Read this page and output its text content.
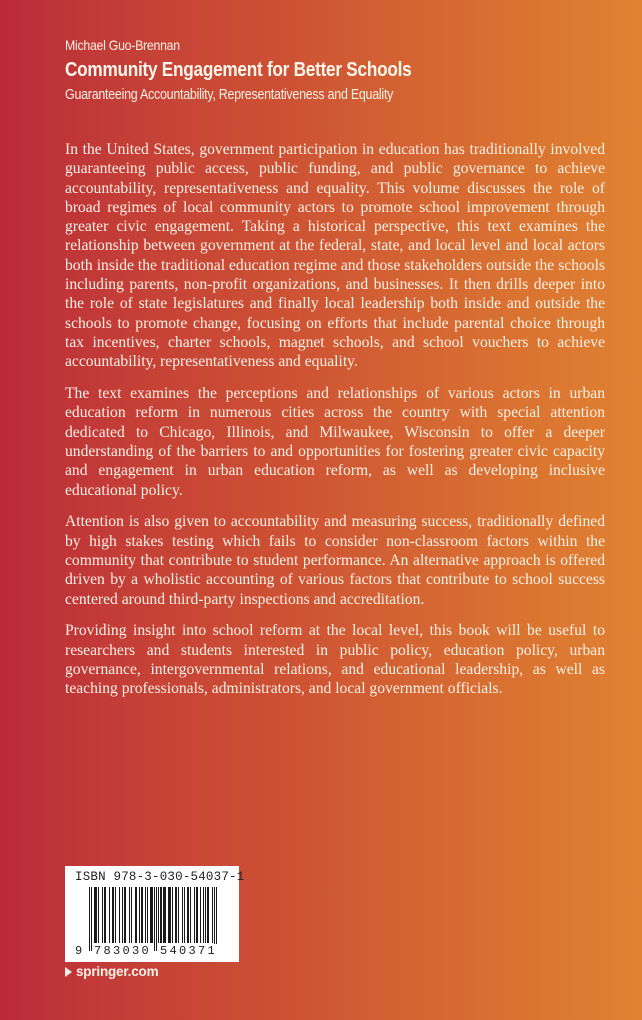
Michael Guo-Brennan
Community Engagement for Better Schools
Guaranteeing Accountability, Representativeness and Equality

In the United States, government participation in education has traditionally involved guaranteeing public access, public funding, and public governance to achieve accountability, representativeness and equality. This volume discusses the role of broad regimes of local community actors to promote school improvement through greater civic engagement. Taking a historical perspective, this text examines the relationship between government at the federal, state, and local level and local actors both inside the traditional education regime and those stakeholders outside the schools including parents, non-profit organizations, and businesses. It then drills deeper into the role of state legislatures and finally local leadership both inside and outside the schools to promote change, focusing on efforts that include parental choice through tax incentives, charter schools, magnet schools, and school vouchers to achieve accountability, representativeness and equality.

The text examines the perceptions and relationships of various actors in urban education reform in numerous cities across the country with special attention dedicated to Chicago, Illinois, and Milwaukee, Wisconsin to offer a deeper understanding of the barriers to and opportunities for fostering greater civic capacity and engagement in urban education reform, as well as developing inclusive educational policy.

Attention is also given to accountability and measuring success, traditionally defined by high stakes testing which fails to consider non-classroom factors within the community that contribute to student performance. An alternative approach is offered driven by a wholistic accounting of various factors that contribute to school success centered around third-party inspections and accreditation.

Providing insight into school reform at the local level, this book will be useful to researchers and students interested in public policy, education policy, urban governance, intergovernmental relations, and educational leadership, as well as teaching professionals, administrators, and local government officials.

ISBN 978-3-030-54037-1
9 783030 540371
springer.com
